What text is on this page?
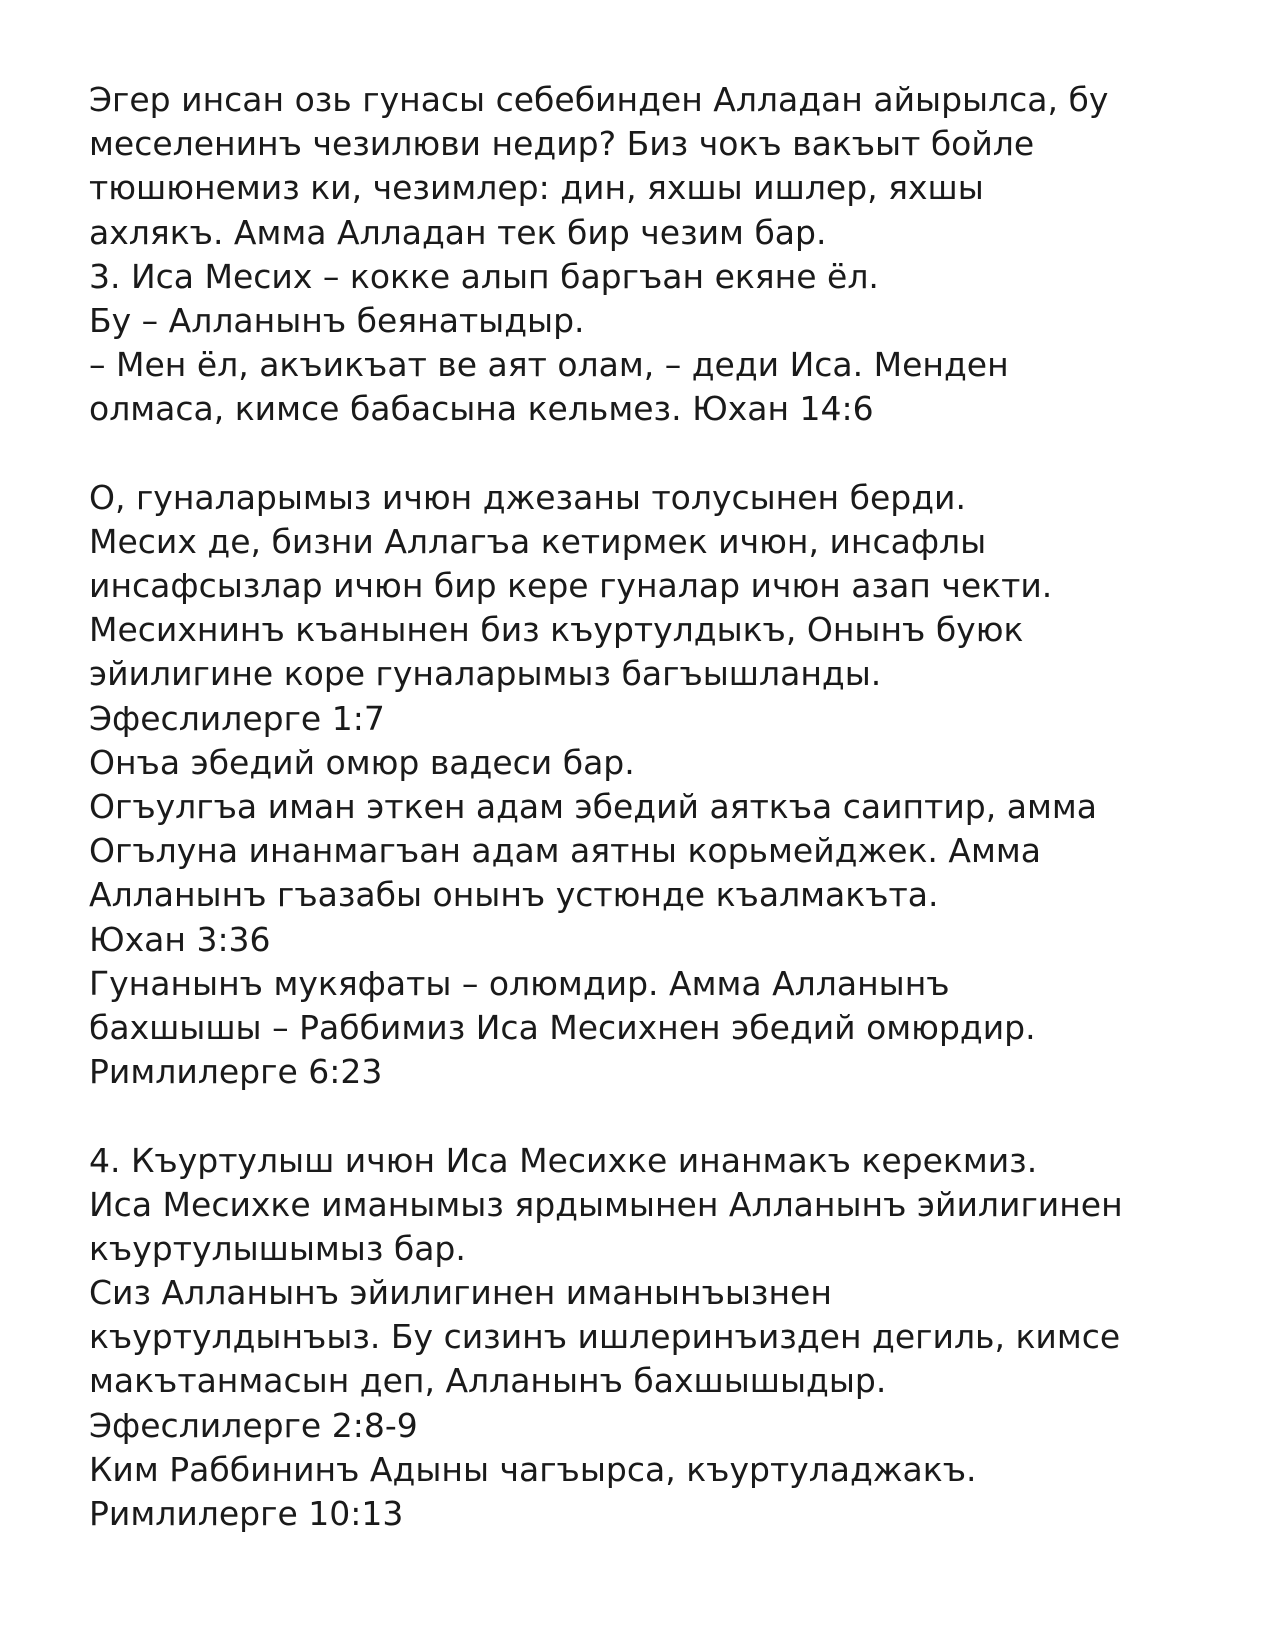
Эгер инсан озь гунасы себебинден Алладан айырылса, бу
меселенинъ чезилюви недир? Биз чокъ вакъыт бойле
тюшюнемиз ки, чезимлер: дин, яхшы ишлер, яхшы
ахлякъ. Амма Алладан тек бир чезим бар.
3. Иса Месих – кокке алып баргъан екяне ёл.
Бу – Алланынъ беянатыдыр.
– Мен ёл, акъикъат ве аят олам, – деди Иса. Менден
олмаса, кимсе бабасына кельмез. Юхан 14:6
О, гуналарымыз ичюн джезаны толусынен берди.
Месих де, бизни Аллагъа кетирмек ичюн, инсафлы
инсафсызлар ичюн бир кере гуналар ичюн азап чекти.
Месихнинъ къанынен биз къуртулдыкъ, Онынъ буюк
эйилигине коре гуналарымыз багъышланды.
Эфеслилерге 1:7
Онъа эбедий омюр вадеси бар.
Огъулгъа иман эткен адам эбедий аяткъа саиптир, амма
Огълуна инанмагъан адам аятны корьмейджек. Амма
Алланынъ гъазабы онынъ устюнде къалмакъта.
Юхан 3:36
Гунанынъ мукяфаты – олюмдир. Амма Алланынъ
бахшышы – Раббимиз Иса Месихнен эбедий омюрдир.
Римлилерге 6:23
4. Къуртулыш ичюн Иса Месихке инанмакъ керекмиз.
Иса Месихке иманымыз ярдымынен Алланынъ эйилигинен
къуртулышымыз бар.
Сиз Алланынъ эйилигинен иманынъызнен
къуртулдынъыз. Бу сизинъ ишлеринъизден дегиль, кимсе
макътанмасын деп, Алланынъ бахшышыдыр.
Эфеслилерге 2:8-9
Ким Раббининъ Адыны чагъырса, къуртуладжакъ.
Римлилерге 10:13
